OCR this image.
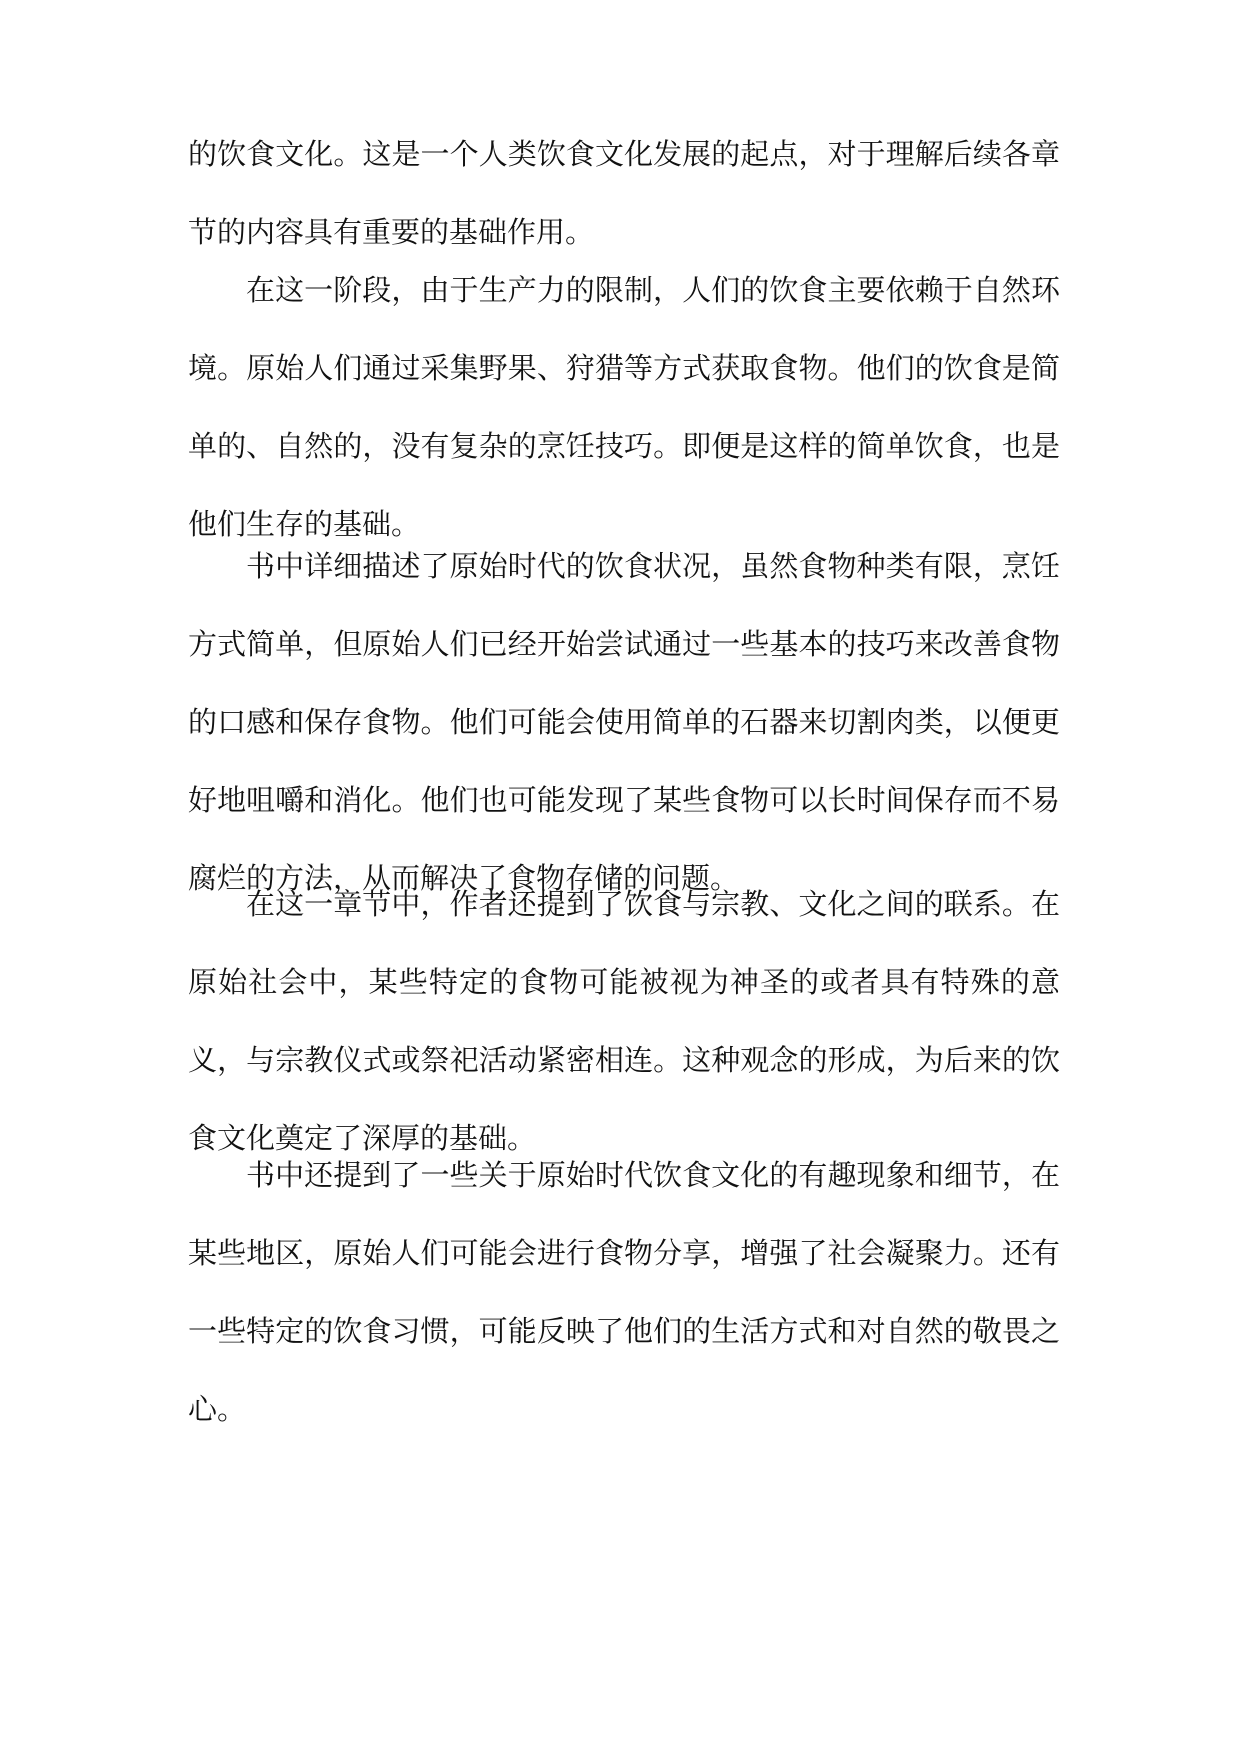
的饮食文化。这是一个人类饮食文化发展的起点，对于理解后续各章节的内容具有重要的基础作用。

在这一阶段，由于生产力的限制，人们的饮食主要依赖于自然环境。原始人们通过采集野果、狩猎等方式获取食物。他们的饮食是简单的、自然的，没有复杂的烹饪技巧。即便是这样的简单饮食，也是他们生存的基础。

书中详细描述了原始时代的饮食状况，虽然食物种类有限，烹饪方式简单，但原始人们已经开始尝试通过一些基本的技巧来改善食物的口感和保存食物。他们可能会使用简单的石器来切割肉类，以便更好地咀嚼和消化。他们也可能发现了某些食物可以长时间保存而不易腐烂的方法，从而解决了食物存储的问题。

在这一章节中，作者还提到了饮食与宗教、文化之间的联系。在原始社会中，某些特定的食物可能被视为神圣的或者具有特殊的意义，与宗教仪式或祭祀活动紧密相连。这种观念的形成，为后来的饮食文化奠定了深厚的基础。

书中还提到了一些关于原始时代饮食文化的有趣现象和细节，在某些地区，原始人们可能会进行食物分享，增强了社会凝聚力。还有一些特定的饮食习惯，可能反映了他们的生活方式和对自然的敬畏之心。
